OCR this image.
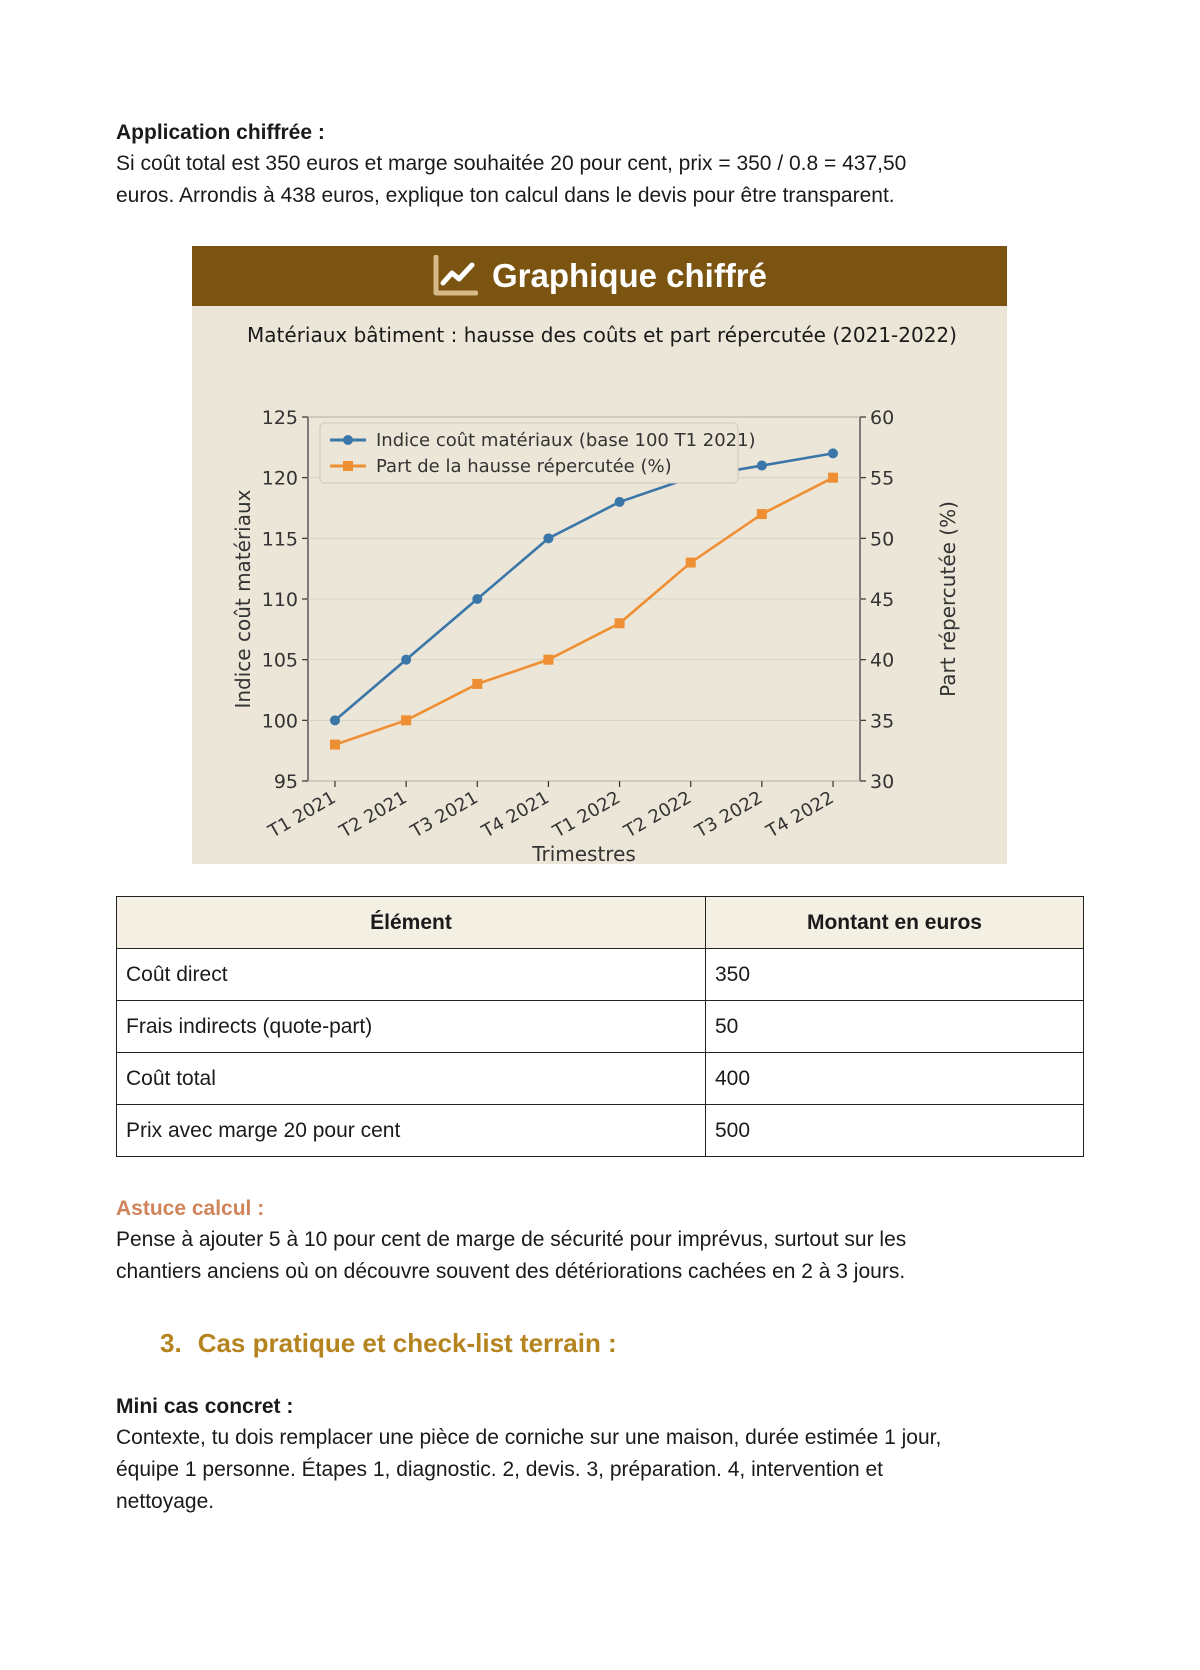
Application chiffrée :

Si coût total est 350 euros et marge souhaitée 20 pour cent, prix = 350 / 0.8 = 437,50

euros. Arrondis à 438 euros, explique ton calcul dans le devis pour être transparent.

Graphique chiffré
Matériaux bâtiment : hausse des coûts et part répercutée (2021-2022)
95
100
105
110
115
120
125
30
35
40
45
50
55
60
T1 2021
T2 2021
T3 2021
T4 2021
T1 2022
T2 2022
T3 2022
T4 2022
Trimestres
Indice coût matériaux	Part répercutée (%)
Indice coût matériaux (base 100 T1 2021)
Part de la hausse répercutée (%)
Élément	Montant en euros
Coût direct	350
Frais indirects (quote-part)	50
Coût total	400
Prix avec marge 20 pour cent	500

Astuce calcul :

Pense à ajouter 5 à 10 pour cent de marge de sécurité pour imprévus, surtout sur les

chantiers anciens où on découvre souvent des détériorations cachées en 2 à 3 jours.

3. Cas pratique et check-list terrain :

Mini cas concret :

Contexte, tu dois remplacer une pièce de corniche sur une maison, durée estimée 1 jour,

équipe 1 personne. Étapes 1, diagnostic. 2, devis. 3, préparation. 4, intervention et

nettoyage.
